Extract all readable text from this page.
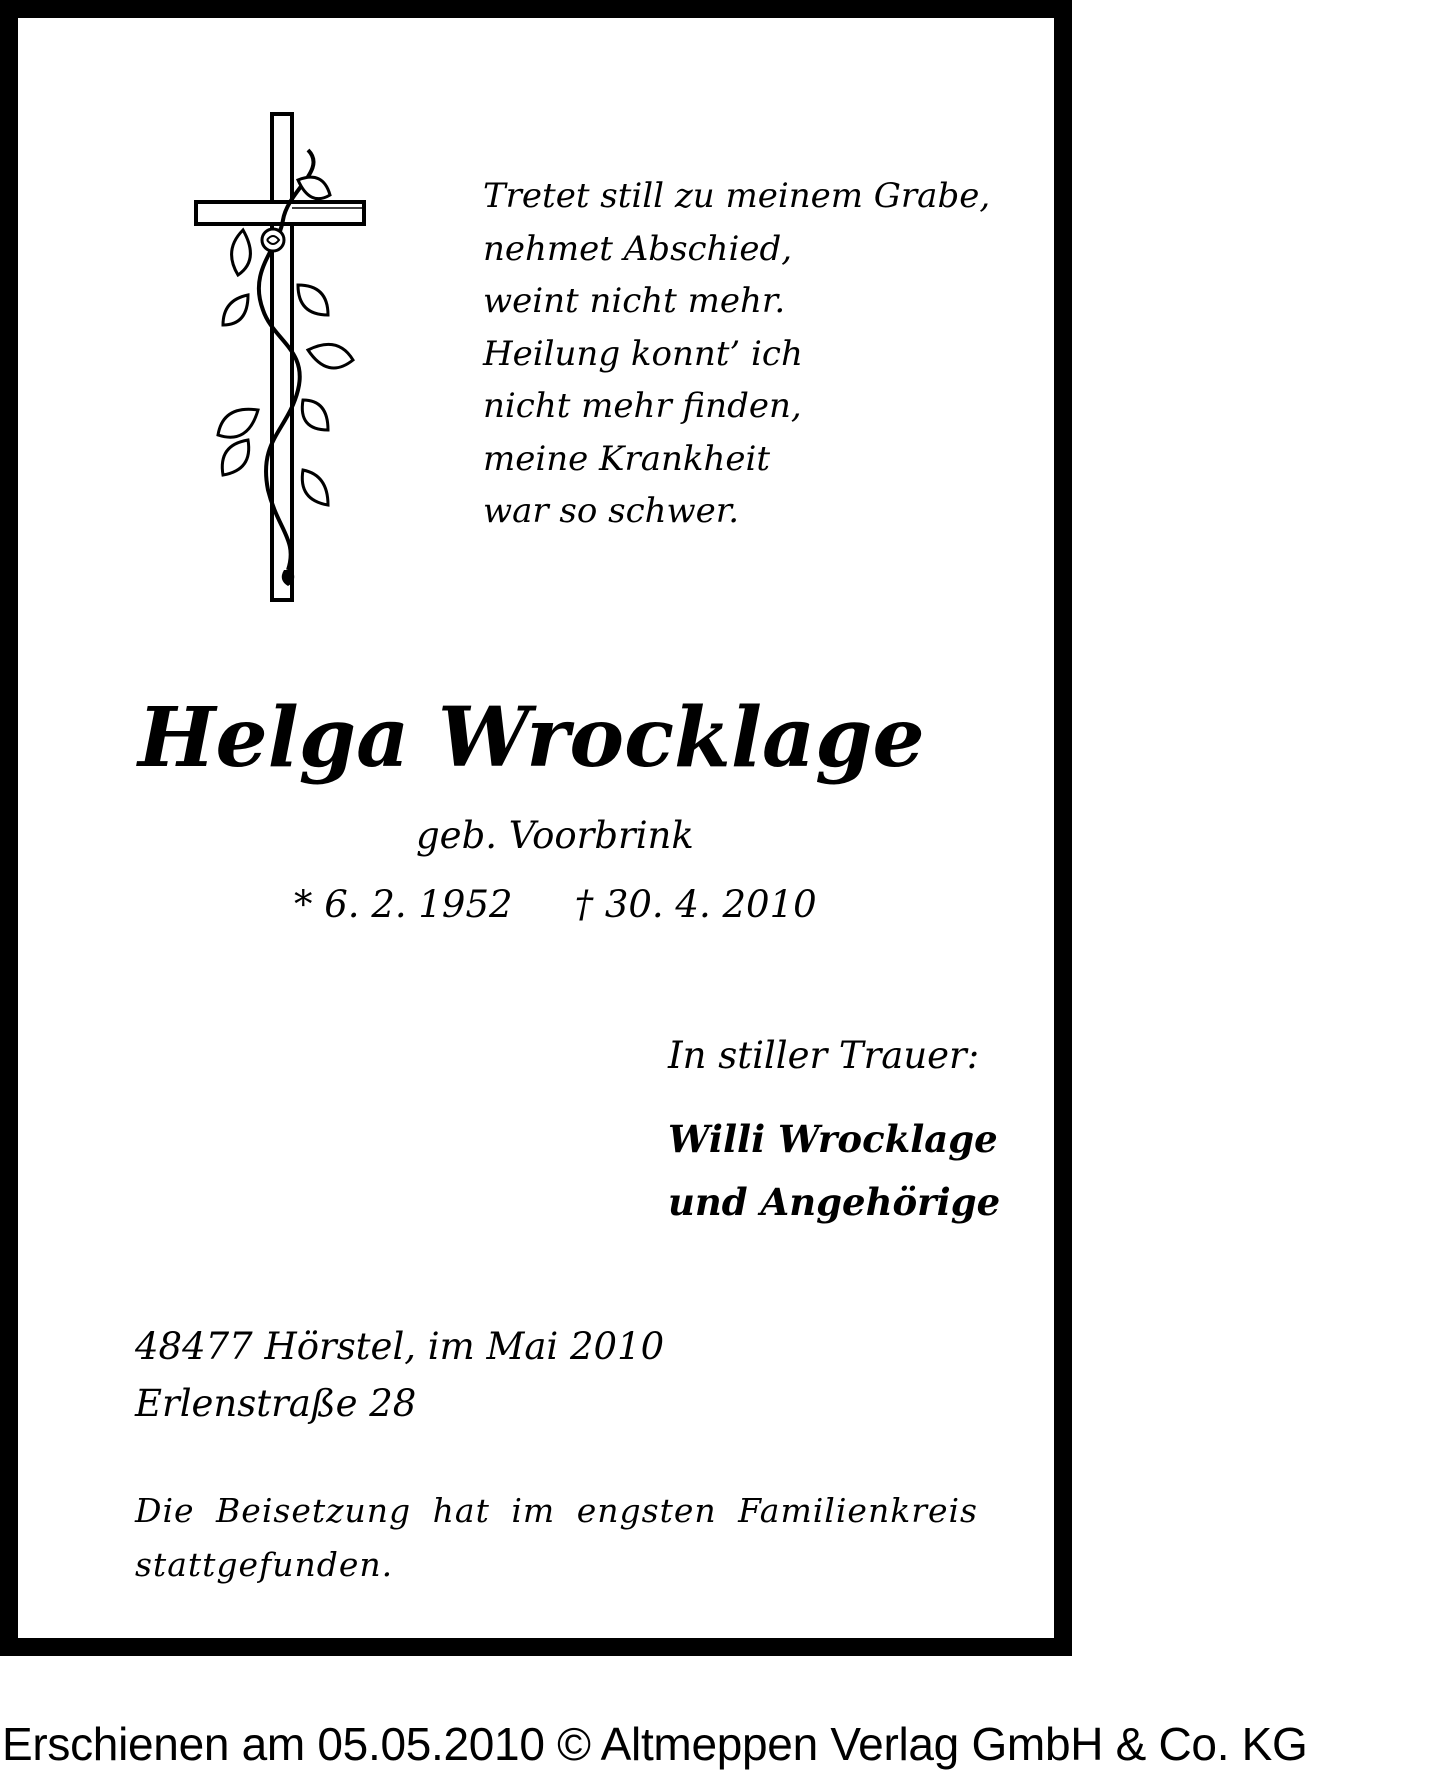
Tretet still zu meinem Grabe,
nehmet Abschied,
weint nicht mehr.
Heilung konnt’ ich
nicht mehr finden,
meine Krankheit
war so schwer.
Helga Wrocklage
geb. Voorbrink
* 6. 2. 1952 † 30. 4. 2010
In stiller Trauer:
Willi Wrocklage
und Angehörige
48477 Hörstel, im Mai 2010
Erlenstraße 28
Die Beisetzung hat im engsten Familienkreis stattgefunden.
Erschienen am 05.05.2010 © Altmeppen Verlag GmbH & Co. KG
